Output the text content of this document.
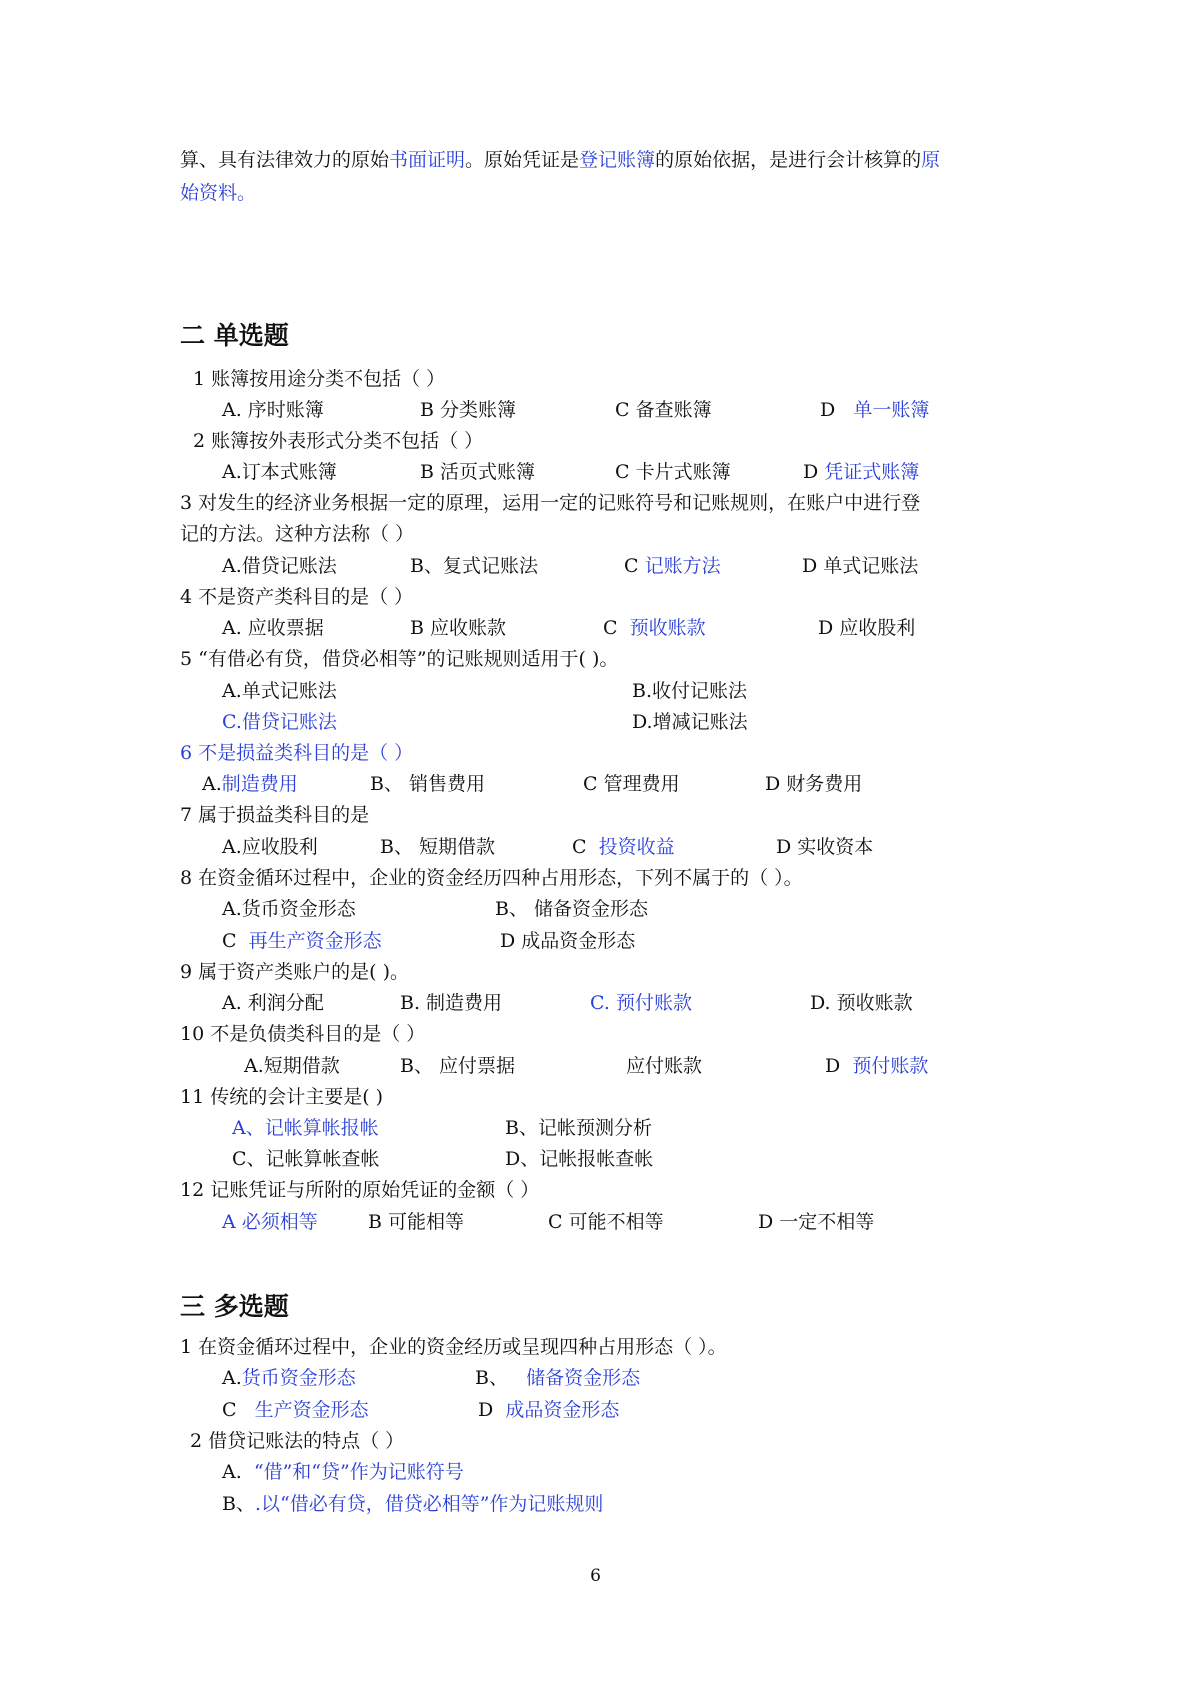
算、具有法律效力的原始书面证明。原始凭证是登记账簿的原始依据，是进行会计核算的原
始资料。
二 单选题
1 账簿按用途分类不包括（ ）
A. 序时账簿	B 分类账簿	C 备查账簿	D 单一账簿
2 账簿按外表形式分类不包括（ ）
A.订本式账簿	B 活页式账簿	C 卡片式账簿	D 凭证式账簿
3 对发生的经济业务根据一定的原理，运用一定的记账符号和记账规则，在账户中进行登
记的方法。这种方法称（ ）
A.借贷记账法	B、复式记账法	C 记账方法	D 单式记账法
4 不是资产类科目的是（ ）
A. 应收票据	B 应收账款	C 预收账款	D 应收股利
5 “有借必有贷，借贷必相等”的记账规则适用于( )。
A.单式记账法	B.收付记账法
C.借贷记账法	D.增减记账法
6 不是损益类科目的是（ ）
A.制造费用	B、 销售费用	C 管理费用	D 财务费用
7 属于损益类科目的是
A.应收股利	B、 短期借款	C 投资收益	D 实收资本
8 在资金循环过程中，企业的资金经历四种占用形态，下列不属于的（ ）。
A.货币资金形态	B、 储备资金形态
C 再生产资金形态	D 成品资金形态
9 属于资产类账户的是( )。
A. 利润分配	B. 制造费用	C. 预付账款	D. 预收账款
10 不是负债类科目的是（ ）
A.短期借款	B、 应付票据	应付账款	D 预付账款
11 传统的会计主要是( )
A、记帐算帐报帐	B、记帐预测分析
C、记帐算帐查帐	D、记帐报帐查帐
12 记账凭证与所附的原始凭证的金额（ ）
A 必须相等	B 可能相等	C 可能不相等	D 一定不相等
三 多选题
1 在资金循环过程中，企业的资金经历或呈现四种占用形态（ ）。
A.货币资金形态	B、 储备资金形态
C 生产资金形态	D 成品资金形态
2 借贷记账法的特点（ ）
A. “借”和“贷”作为记账符号
B、.以“借必有贷，借贷必相等”作为记账规则
6
